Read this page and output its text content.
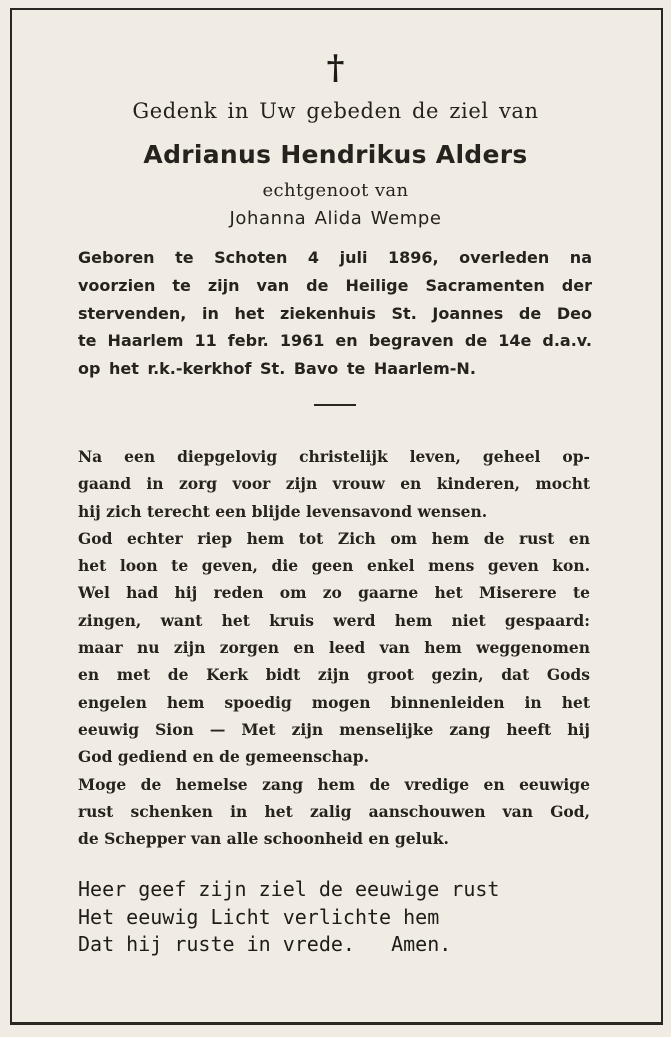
†
Gedenk in Uw gebeden de ziel van
Adrianus Hendrikus Alders
echtgenoot van
Johanna Alida Wempe
Geboren te Schoten 4 juli 1896, overleden na
voorzien te zijn van de Heilige Sacramenten der
stervenden, in het ziekenhuis St. Joannes de Deo
te Haarlem 11 febr. 1961 en begraven de 14e d.a.v.
op het r.k.-kerkhof St. Bavo te Haarlem-N.
Na een diepgelovig christelijk leven, geheel op-
gaand in zorg voor zijn vrouw en kinderen, mocht
hij zich terecht een blijde levensavond wensen.
God echter riep hem tot Zich om hem de rust en
het loon te geven, die geen enkel mens geven kon.
Wel had hij reden om zo gaarne het Miserere te
zingen, want het kruis werd hem niet gespaard:
maar nu zijn zorgen en leed van hem weggenomen
en met de Kerk bidt zijn groot gezin, dat Gods
engelen hem spoedig mogen binnenleiden in het
eeuwig Sion — Met zijn menselijke zang heeft hij
God gediend en de gemeenschap.
Moge de hemelse zang hem de vredige en eeuwige
rust schenken in het zalig aanschouwen van God,
de Schepper van alle schoonheid en geluk.
Heer geef zijn ziel de eeuwige rust
Het eeuwig Licht verlichte hem
Dat hij ruste in vrede.   Amen.
